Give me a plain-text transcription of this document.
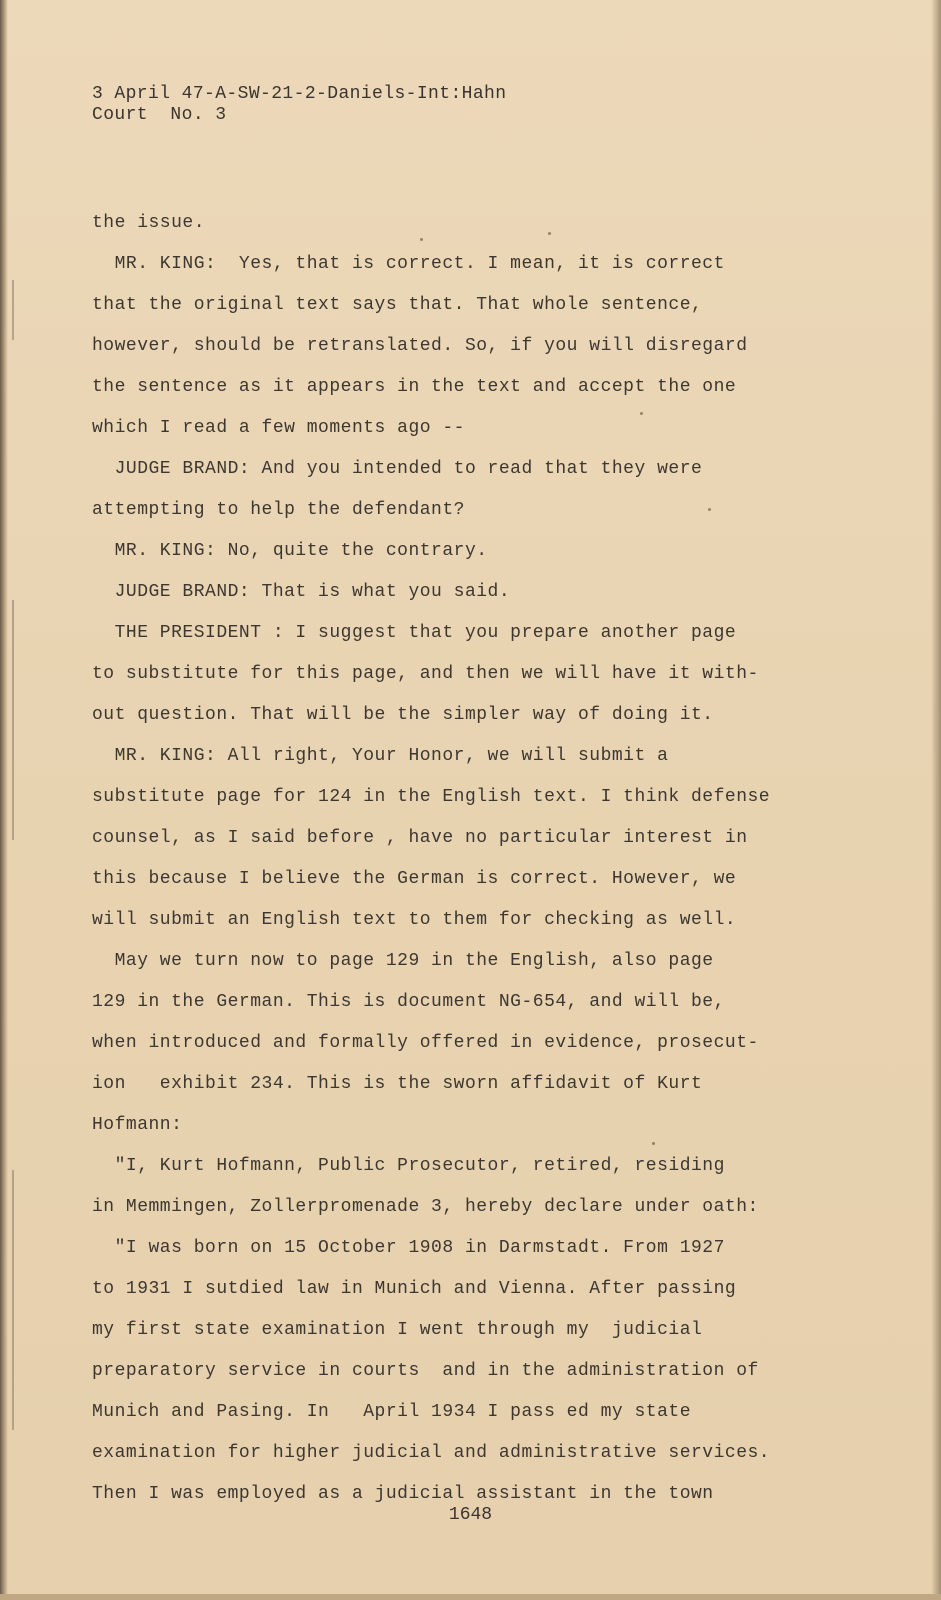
3 April 47-A-SW-21-2-Daniels-Int:Hahn
Court  No. 3
the issue.
MR. KING:  Yes, that is correct. I mean, it is correct
that the original text says that. That whole sentence,
however, should be retranslated. So, if you will disregard
the sentence as it appears in the text and accept the one
which I read a few moments ago --
JUDGE BRAND: And you intended to read that they were
attempting to help the defendant?
MR. KING: No, quite the contrary.
JUDGE BRAND: That is what you said.
THE PRESIDENT : I suggest that you prepare another page
to substitute for this page, and then we will have it with-
out question. That will be the simpler way of doing it.
MR. KING: All right, Your Honor, we will submit a
substitute page for 124 in the English text. I think defense
counsel, as I said before , have no particular interest in
this because I believe the German is correct. However, we
will submit an English text to them for checking as well.
May we turn now to page 129 in the English, also page
129 in the German. This is document NG-654, and will be,
when introduced and formally offered in evidence, prosecut-
ion   exhibit 234. This is the sworn affidavit of Kurt
Hofmann:
"I, Kurt Hofmann, Public Prosecutor, retired, residing
in Memmingen, Zollerpromenade 3, hereby declare under oath:
"I was born on 15 October 1908 in Darmstadt. From 1927
to 1931 I sutdied law in Munich and Vienna. After passing
my first state examination I went through my  judicial
preparatory service in courts  and in the administration of
Munich and Pasing. In   April 1934 I pass ed my state
examination for higher judicial and administrative services.
Then I was employed as a judicial assistant in the town
1648
